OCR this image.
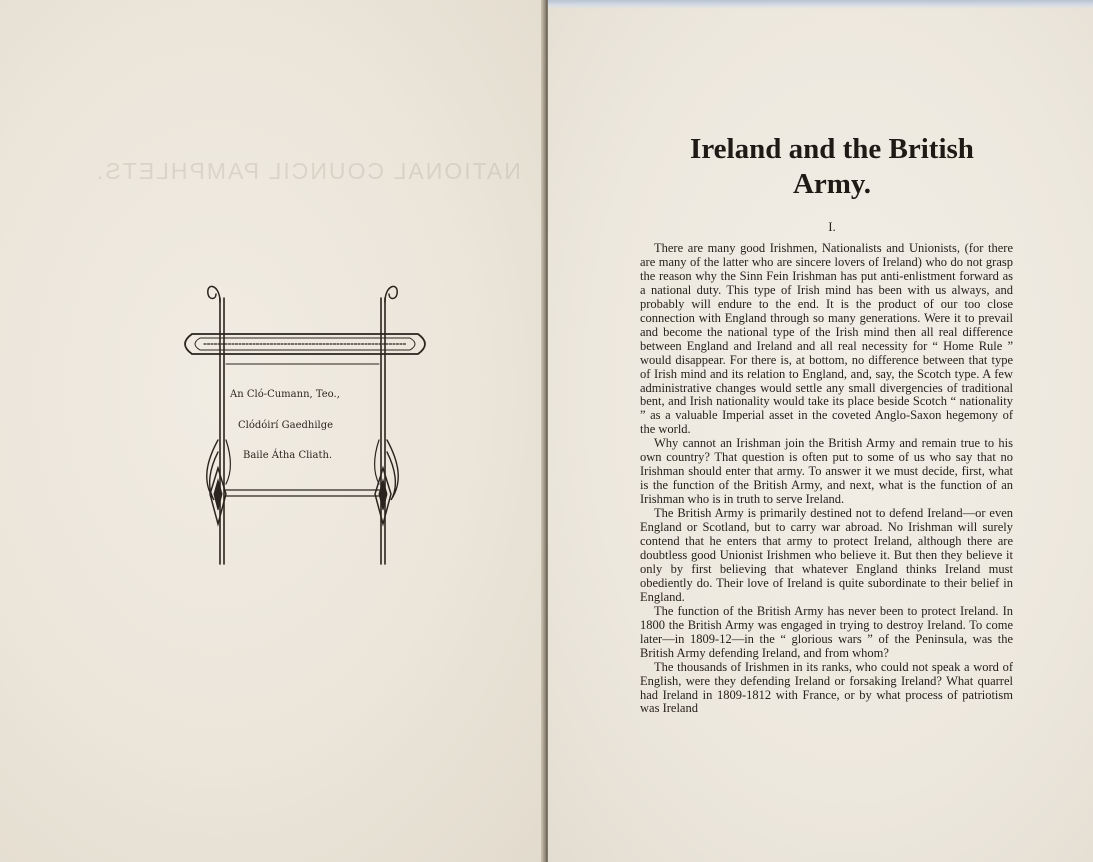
NATIONAL COUNCIL PAMPHLETS.
An Cló-Cumann, Teo.,
Clódóirí Gaedhilge
Baile Átha Cliath.
Ireland and the British
Army.
I.

There are many good Irishmen, Nationalists and Unionists, (for there are many of the latter who are sincere lovers of Ireland) who do not grasp the reason why the Sinn Fein Irishman has put anti-enlistment forward as a national duty. This type of Irish mind has been with us always, and probably will endure to the end. It is the product of our too close connection with England through so many generations. Were it to prevail and become the national type of the Irish mind then all real difference between England and Ireland and all real necessity for “ Home Rule ” would disappear. For there is, at bottom, no difference between that type of Irish mind and its relation to England, and, say, the Scotch type. A few administrative changes would settle any small divergencies of traditional bent, and Irish nationality would take its place beside Scotch “ nationality ” as a valuable Imperial asset in the coveted Anglo-Saxon hegemony of the world.

Why cannot an Irishman join the British Army and remain true to his own country? That question is often put to some of us who say that no Irishman should enter that army. To answer it we must decide, first, what is the function of the British Army, and next, what is the function of an Irishman who is in truth to serve Ireland.

The British Army is primarily destined not to defend Ireland—or even England or Scotland, but to carry war abroad. No Irishman will surely contend that he enters that army to protect Ireland, although there are doubtless good Unionist Irishmen who believe it. But then they believe it only by first believing that whatever England thinks Ireland must obediently do. Their love of Ireland is quite subordinate to their belief in England.

The function of the British Army has never been to protect Ireland. In 1800 the British Army was engaged in trying to destroy Ireland. To come later—in 1809-12—in the “ glorious wars ” of the Peninsula, was the British Army defending Ireland, and from whom?

The thousands of Irishmen in its ranks, who could not speak a word of English, were they defending Ireland or forsaking Ireland? What quarrel had Ireland in 1809-1812 with France, or by what process of patriotism was Ireland
